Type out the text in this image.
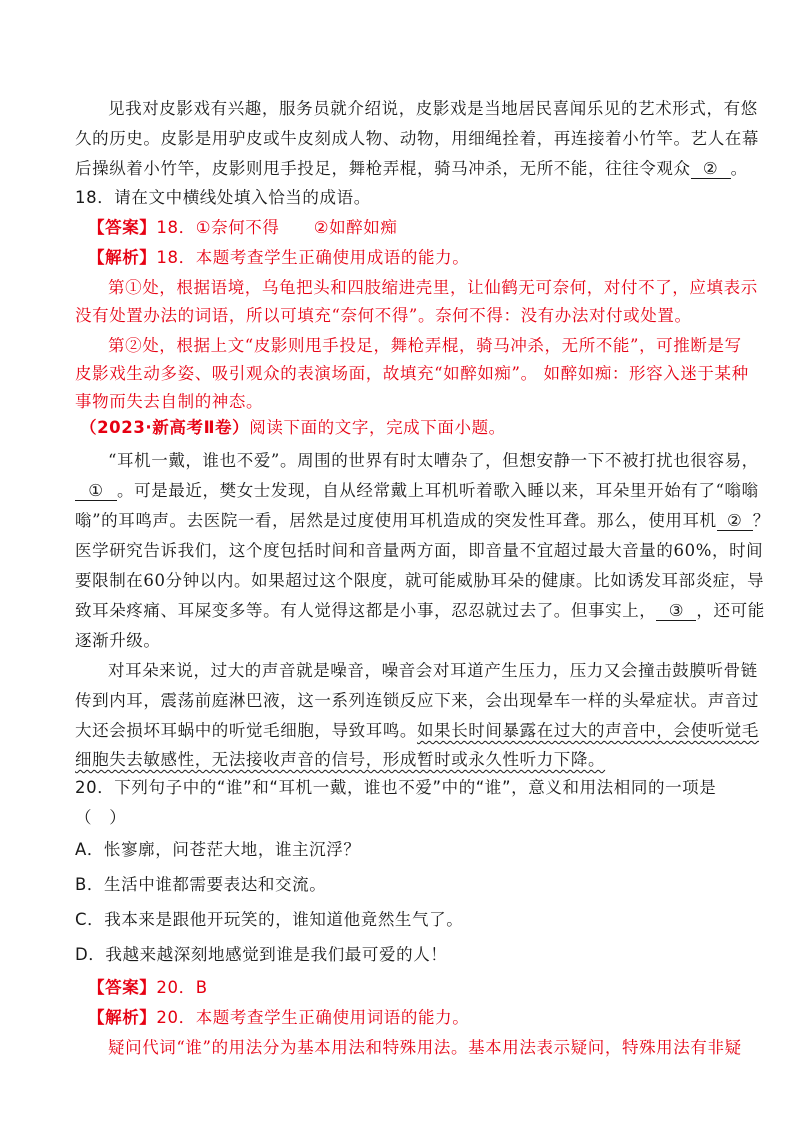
见我对皮影戏有兴趣，服务员就介绍说，皮影戏是当地居民喜闻乐见的艺术形式，有悠
久的历史。皮影是用驴皮或牛皮刻成人物、动物，用细绳拴着，再连接着小竹竿。艺人在幕
后操纵着小竹竿，皮影则甩手投足，舞枪弄棍，骑马冲杀，无所不能，往往令观众 ② 。
18．请在文中横线处填入恰当的成语。
【答案】18．①奈何不得　　②如醉如痴
【解析】18．本题考查学生正确使用成语的能力。
第①处，根据语境，乌龟把头和四肢缩进壳里，让仙鹤无可奈何，对付不了，应填表示
没有处置办法的词语，所以可填充“奈何不得”。奈何不得：没有办法对付或处置。
第②处，根据上文“皮影则甩手投足，舞枪弄棍，骑马冲杀，无所不能”，可推断是写
皮影戏生动多姿、吸引观众的表演场面，故填充“如醉如痴”。 如醉如痴：形容入迷于某种
事物而失去自制的神态。
（2023·新高考Ⅱ卷）阅读下面的文字，完成下面小题。
“耳机一戴，谁也不爱”。周围的世界有时太嘈杂了，但想安静一下不被打扰也很容易，
① 。可是最近，樊女士发现，自从经常戴上耳机听着歌入睡以来，耳朵里开始有了“嗡嗡
嗡”的耳鸣声。去医院一看，居然是过度使用耳机造成的突发性耳聋。那么，使用耳机 ② ？
医学研究告诉我们，这个度包括时间和音量两方面，即音量不宜超过最大音量的60%，时间
要限制在60分钟以内。如果超过这个限度，就可能威胁耳朵的健康。比如诱发耳部炎症，导
致耳朵疼痛、耳屎变多等。有人觉得这都是小事，忍忍就过去了。但事实上， ③ ，还可能
逐渐升级。
对耳朵来说，过大的声音就是噪音，噪音会对耳道产生压力，压力又会撞击鼓膜听骨链
传到内耳，震荡前庭淋巴液，这一系列连锁反应下来，会出现晕车一样的头晕症状。声音过
大还会损坏耳蜗中的听觉毛细胞，导致耳鸣。如果长时间暴露在过大的声音中，会使听觉毛
细胞失去敏感性，无法接收声音的信号，形成暂时或永久性听力下降。
20．下列句子中的“谁”和“耳机一戴，谁也不爱”中的“谁”，意义和用法相同的一项是
（　）
A．怅寥廓，问苍茫大地，谁主沉浮？
B．生活中谁都需要表达和交流。
C．我本来是跟他开玩笑的，谁知道他竟然生气了。
D．我越来越深刻地感觉到谁是我们最可爱的人！
【答案】20．B
【解析】20．本题考查学生正确使用词语的能力。
疑问代词“谁”的用法分为基本用法和特殊用法。基本用法表示疑问，特殊用法有非疑
